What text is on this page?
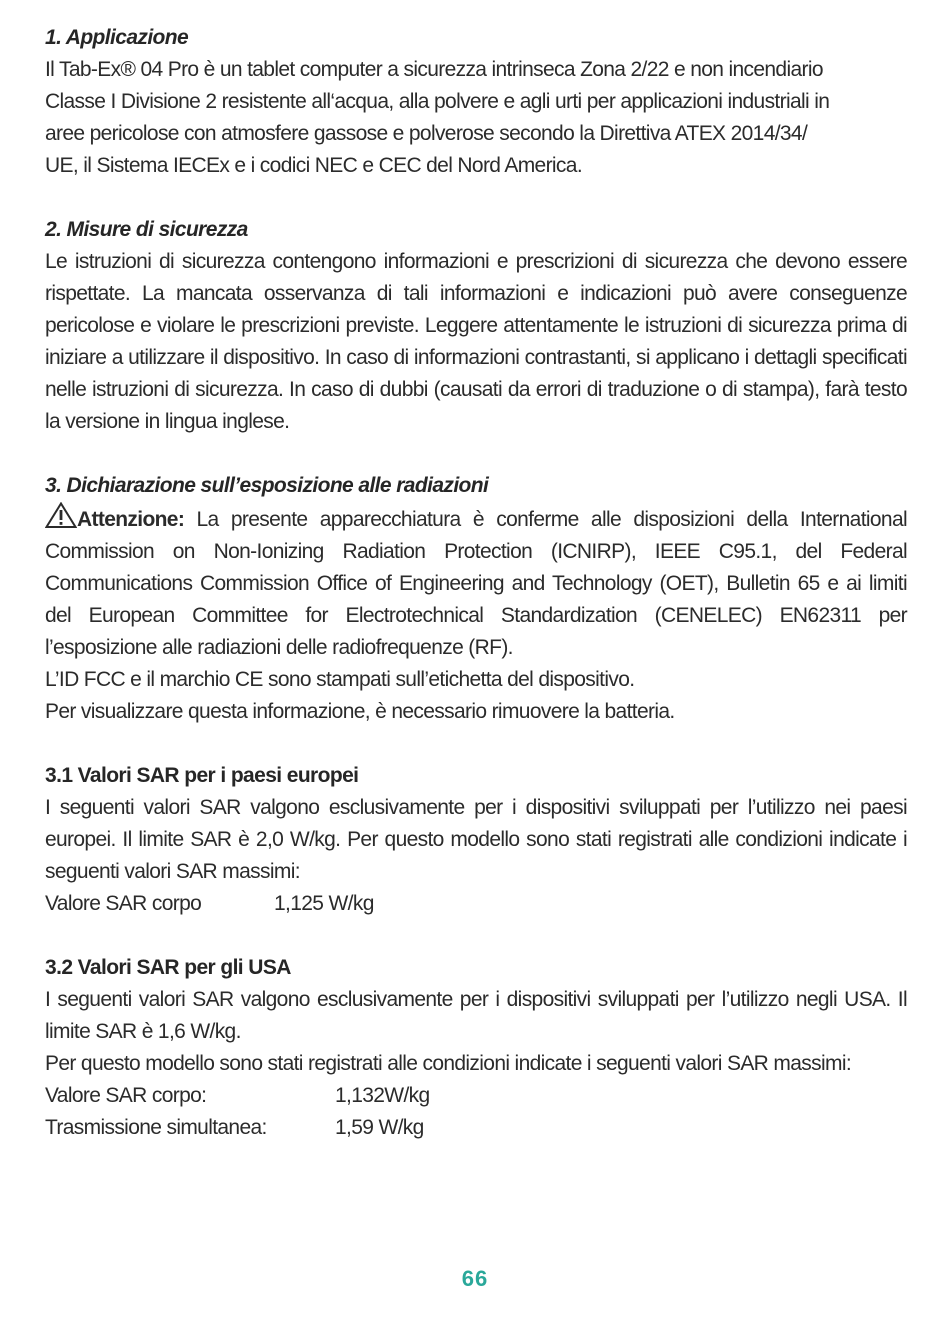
1. Applicazione

Il Tab-Ex® 04 Pro è un tablet computer a sicurezza intrinseca Zona 2/22 e non incendiario

Classe I Divisione 2 resistente all‘acqua, alla polvere e agli urti per applicazioni industriali in

aree pericolose con atmosfere gassose e polverose secondo la Direttiva ATEX 2014/34/

UE, il Sistema IECEx e i codici NEC e CEC del Nord America.

2. Misure di sicurezza

Le istruzioni di sicurezza contengono informazioni e prescrizioni di sicurezza che devono essere rispettate. La mancata osservanza di tali informazioni e indicazioni può avere conseguenze pericolose e violare le prescrizioni previste. Leggere attentamente le istruzioni di sicurezza prima di iniziare a utilizzare il dispositivo. In caso di informazioni contrastanti, si applicano i dettagli specificati nelle istruzioni di sicurezza. In caso di dubbi (causati da errori di traduzione o di stampa), farà testo la versione in lingua inglese.

3. Dichiarazione sull’esposizione alle radiazioni

Attenzione: La presente apparecchiatura è conferme alle disposizioni della International Commission on Non-Ionizing Radiation Protection (ICNIRP), IEEE C95.1, del Federal Communications Commission Office of Engineering and Technology (OET), Bulletin 65 e ai limiti del European Committee for Electrotechnical Standardization (CENELEC) EN62311 per l’esposizione alle radiazioni delle radiofrequenze (RF).

L’ID FCC e il marchio CE sono stampati sull’etichetta del dispositivo.

Per visualizzare questa informazione, è necessario rimuovere la batteria.

3.1 Valori SAR per i paesi europei

I seguenti valori SAR valgono esclusivamente per i dispositivi sviluppati per l’utilizzo nei paesi europei. Il limite SAR è 2,0 W/kg. Per questo modello sono stati registrati alle condizioni indicate i seguenti valori SAR massimi:

Valore SAR corpo	1,125 W/kg
3.2 Valori SAR per gli USA

I seguenti valori SAR valgono esclusivamente per i dispositivi sviluppati per l’utilizzo negli USA. Il limite SAR è 1,6 W/kg.

Per questo modello sono stati registrati alle condizioni indicate i seguenti valori SAR massimi:

Valore SAR corpo:	1,132W/kg
Trasmissione simultanea:	1,59 W/kg
66
